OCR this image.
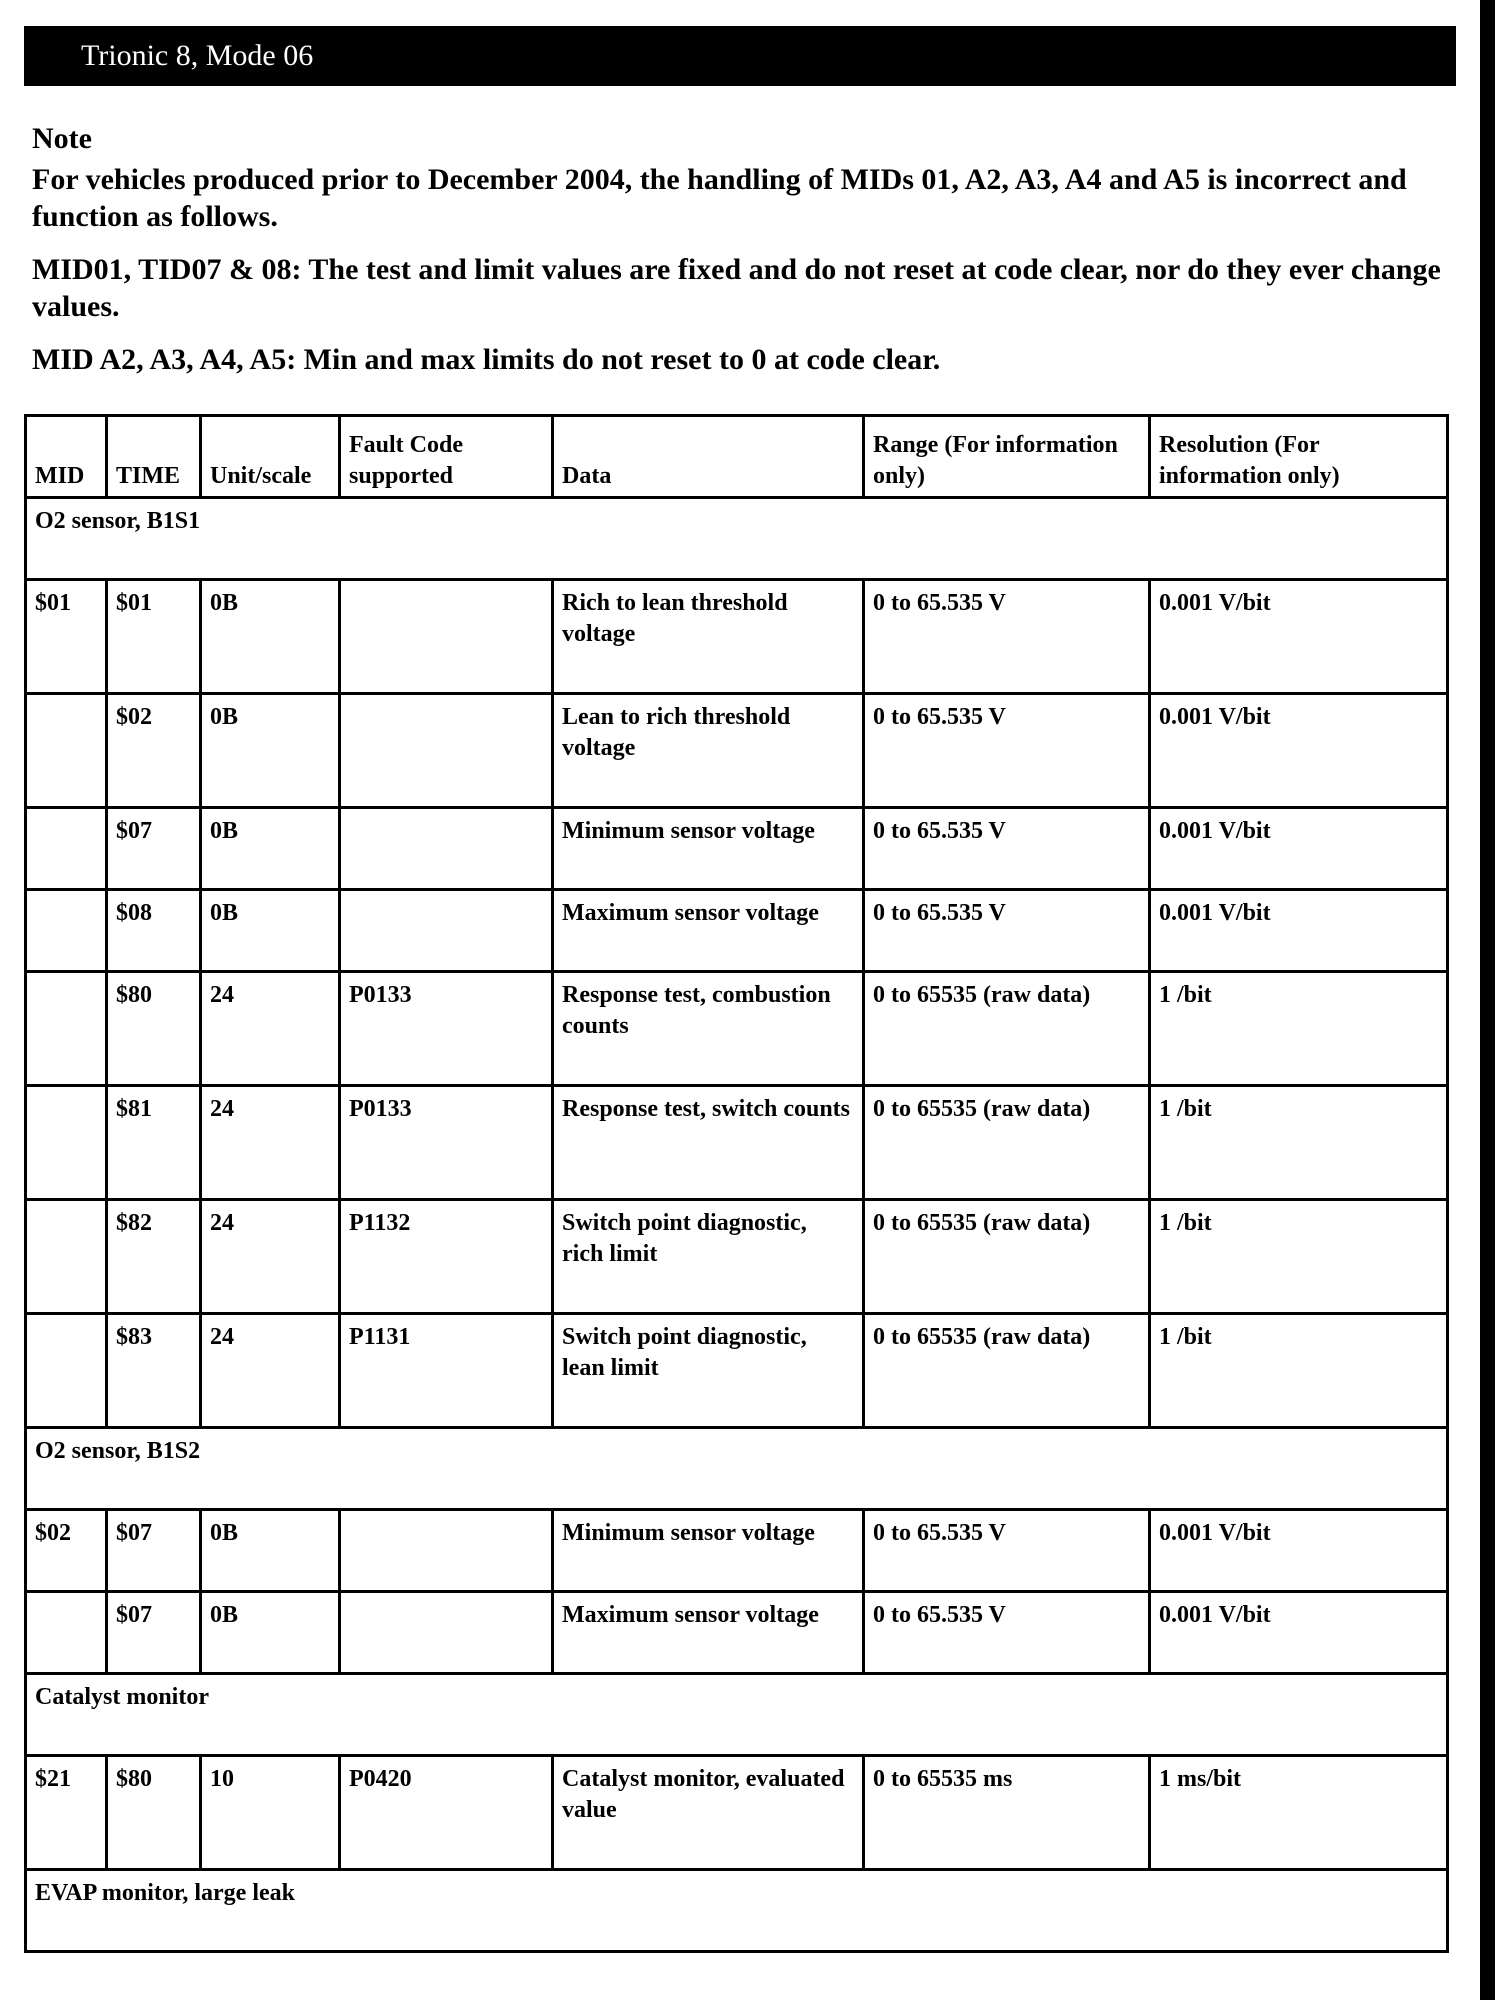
Trionic 8, Mode 06
Note

For vehicles produced prior to December 2004, the handling of MIDs 01, A2, A3, A4 and A5 is incorrect and function as follows.

MID01, TID07 & 08: The test and limit values are fixed and do not reset at code clear, nor do they ever change values.

MID A2, A3, A4, A5: Min and max limits do not reset to 0 at code clear.

MID	TIME	Unit/scale	Fault Code supported	Data	Range (For information only)	Resolution (For information only)
O2 sensor, B1S1						
$01	$01	0B		Rich to lean threshold voltage	0 to 65.535 V	0.001 V/bit
	$02	0B		Lean to rich threshold voltage	0 to 65.535 V	0.001 V/bit
	$07	0B		Minimum sensor voltage	0 to 65.535 V	0.001 V/bit
	$08	0B		Maximum sensor voltage	0 to 65.535 V	0.001 V/bit
	$80	24	P0133	Response test, combustion counts	0 to 65535 (raw data)	1 /bit
	$81	24	P0133	Response test, switch counts	0 to 65535 (raw data)	1 /bit
	$82	24	P1132	Switch point diagnostic, rich limit	0 to 65535 (raw data)	1 /bit
	$83	24	P1131	Switch point diagnostic, lean limit	0 to 65535 (raw data)	1 /bit
O2 sensor, B1S2						
$02	$07	0B		Minimum sensor voltage	0 to 65.535 V	0.001 V/bit
	$07	0B		Maximum sensor voltage	0 to 65.535 V	0.001 V/bit
Catalyst monitor						
$21	$80	10	P0420	Catalyst monitor, evaluated value	0 to 65535 ms	1 ms/bit
EVAP monitor, large leak						
